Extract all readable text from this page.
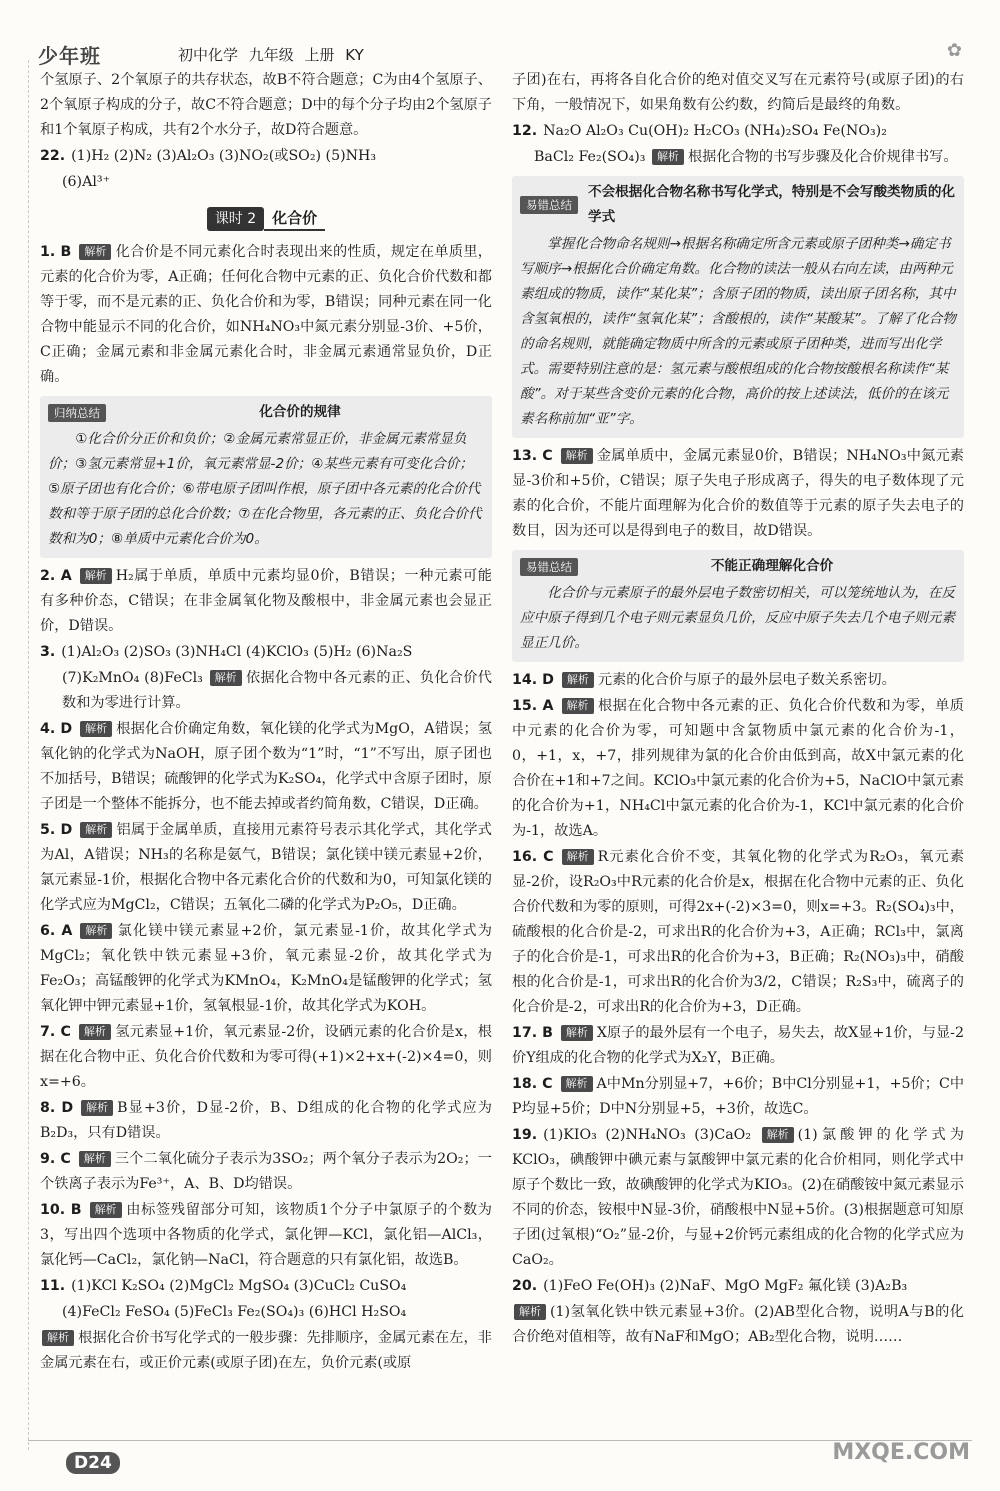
少年班	初中化学 九年级 上册 KY	✿

个氢原子、2个氧原子的共存状态，故B不符合题意；C为由4个氢原子、2个氧原子构成的分子，故C不符合题意；D中的每个分子均由2个氢原子和1个氧原子构成，共有2个水分子，故D符合题意。

22. (1)H₂ (2)N₂ (3)Al₂O₃ (3)NO₂(或SO₂) (5)NH₃

(6)Al³⁺

课时 2 化合价

1. B 解析 化合价是不同元素化合时表现出来的性质，规定在单质里，元素的化合价为零，A正确；任何化合物中元素的正、负化合价代数和都等于零，而不是元素的正、负化合价和为零，B错误；同种元素在同一化合物中能显示不同的化合价，如NH₄NO₃中氮元素分别显-3价、+5价，C正确；金属元素和非金属元素化合时，非金属元素通常显负价，D正确。

归纳总结	化合价的规律
①化合价分正价和负价；②金属元素常显正价，非金属元素常显负价；③氢元素常显+1价，氧元素常显-2价；④某些元素有可变化合价；⑤原子团也有化合价；⑥带电原子团叫作根，原子团中各元素的化合价代数和等于原子团的总化合价数；⑦在化合物里，各元素的正、负化合价代数和为0；⑧单质中元素化合价为0。

2. A 解析 H₂属于单质，单质中元素均显0价，B错误；一种元素可能有多种价态，C错误；在非金属氧化物及酸根中，非金属元素也会显正价，D错误。

3. (1)Al₂O₃ (2)SO₃ (3)NH₄Cl (4)KClO₃ (5)H₂ (6)Na₂S

(7)K₂MnO₄ (8)FeCl₃ 解析 依据化合物中各元素的正、负化合价代数和为零进行计算。

4. D 解析 根据化合价确定角数，氧化镁的化学式为MgO，A错误；氢氧化钠的化学式为NaOH，原子团个数为“1”时，“1”不写出，原子团也不加括号，B错误；硫酸钾的化学式为K₂SO₄，化学式中含原子团时，原子团是一个整体不能拆分，也不能去掉或者约简角数，C错误，D正确。

5. D 解析 铝属于金属单质，直接用元素符号表示其化学式，其化学式为Al，A错误；NH₃的名称是氨气，B错误；氯化镁中镁元素显+2价，氯元素显-1价，根据化合物中各元素化合价的代数和为0，可知氯化镁的化学式应为MgCl₂，C错误；五氧化二磷的化学式为P₂O₅，D正确。

6. A 解析 氯化镁中镁元素显+2价，氯元素显-1价，故其化学式为MgCl₂；氧化铁中铁元素显+3价，氧元素显-2价，故其化学式为Fe₂O₃；高锰酸钾的化学式为KMnO₄，K₂MnO₄是锰酸钾的化学式；氢氧化钾中钾元素显+1价，氢氧根显-1价，故其化学式为KOH。

7. C 解析 氢元素显+1价，氧元素显-2价，设硒元素的化合价是x，根据在化合物中正、负化合价代数和为零可得(+1)×2+x+(-2)×4=0，则x=+6。

8. D 解析 B显+3价，D显-2价，B、D组成的化合物的化学式应为B₂D₃，只有D错误。

9. C 解析 三个二氧化硫分子表示为3SO₂；两个氧分子表示为2O₂；一个铁离子表示为Fe³⁺，A、B、D均错误。

10. B 解析 由标签残留部分可知，该物质1个分子中氯原子的个数为3，写出四个选项中各物质的化学式，氯化钾—KCl，氯化铝—AlCl₃，氯化钙—CaCl₂，氯化钠—NaCl，符合题意的只有氯化铝，故选B。

11. (1)KCl K₂SO₄ (2)MgCl₂ MgSO₄ (3)CuCl₂ CuSO₄

(4)FeCl₂ FeSO₄ (5)FeCl₃ Fe₂(SO₄)₃ (6)HCl H₂SO₄

解析 根据化合价书写化学式的一般步骤：先排顺序，金属元素在左，非金属元素在右，或正价元素(或原子团)在左，负价元素(或原

子团)在右，再将各自化合价的绝对值交叉写在元素符号(或原子团)的右下角，一般情况下，如果角数有公约数，约简后是最终的角数。

12. Na₂O Al₂O₃ Cu(OH)₂ H₂CO₃ (NH₄)₂SO₄ Fe(NO₃)₂

BaCl₂ Fe₂(SO₄)₃ 解析 根据化合物的书写步骤及化合价规律书写。

易错总结
不会根据化合物名称书写化学式，特别是不会写酸类物质的化学式
掌握化合物命名规则→根据名称确定所含元素或原子团种类→确定书写顺序→根据化合价确定角数。化合物的读法一般从右向左读，由两种元素组成的物质，读作“某化某”；含原子团的物质，读出原子团名称，其中含氢氧根的，读作“氢氧化某”；含酸根的，读作“某酸某”。了解了化合物的命名规则，就能确定物质中所含的元素或原子团种类，进而写出化学式。需要特别注意的是：氢元素与酸根组成的化合物按酸根名称读作“某酸”。对于某些含变价元素的化合物，高价的按上述读法，低价的在该元素名称前加“亚”字。

13. C 解析 金属单质中，金属元素显0价，B错误；NH₄NO₃中氮元素显-3价和+5价，C错误；原子失电子形成离子，得失的电子数体现了元素的化合价，不能片面理解为化合价的数值等于元素的原子失去电子的数目，因为还可以是得到电子的数目，故D错误。

易错总结	不能正确理解化合价
化合价与元素原子的最外层电子数密切相关，可以笼统地认为，在反应中原子得到几个电子则元素显负几价，反应中原子失去几个电子则元素显正几价。

14. D 解析 元素的化合价与原子的最外层电子数关系密切。

15. A 解析 根据在化合物中各元素的正、负化合价代数和为零，单质中元素的化合价为零，可知题中含氯物质中氯元素的化合价为-1，0，+1，x，+7，排列规律为氯的化合价由低到高，故X中氯元素的化合价在+1和+7之间。KClO₃中氯元素的化合价为+5，NaClO中氯元素的化合价为+1，NH₄Cl中氯元素的化合价为-1，KCl中氯元素的化合价为-1，故选A。

16. C 解析 R元素化合价不变，其氧化物的化学式为R₂O₃，氧元素显-2价，设R₂O₃中R元素的化合价是x，根据在化合物中元素的正、负化合价代数和为零的原则，可得2x+(-2)×3=0，则x=+3。R₂(SO₄)₃中，硫酸根的化合价是-2，可求出R的化合价为+3，A正确；RCl₃中，氯离子的化合价是-1，可求出R的化合价为+3，B正确；R₂(NO₃)₃中，硝酸根的化合价是-1，可求出R的化合价为3/2，C错误；R₂S₃中，硫离子的化合价是-2，可求出R的化合价为+3，D正确。

17. B 解析 X原子的最外层有一个电子，易失去，故X显+1价，与显-2价Y组成的化合物的化学式为X₂Y，B正确。

18. C 解析 A中Mn分别显+7，+6价；B中Cl分别显+1，+5价；C中P均显+5价；D中N分别显+5，+3价，故选C。

19. (1)KIO₃ (2)NH₄NO₃ (3)CaO₂ 解析 (1)氯酸钾的化学式为KClO₃，碘酸钾中碘元素与氯酸钾中氯元素的化合价相同，则化学式中原子个数比一致，故碘酸钾的化学式为KIO₃。(2)在硝酸铵中氮元素显示不同的价态，铵根中N显-3价，硝酸根中N显+5价。(3)根据题意可知原子团(过氧根)“O₂”显-2价，与显+2价钙元素组成的化合物的化学式应为CaO₂。

20. (1)FeO Fe(OH)₃ (2)NaF、MgO MgF₂ 氟化镁 (3)A₂B₃

解析 (1)氢氧化铁中铁元素显+3价。(2)AB型化合物，说明A与B的化合价绝对值相等，故有NaF和MgO；AB₂型化合物，说明……

D24	MXQE.COM
